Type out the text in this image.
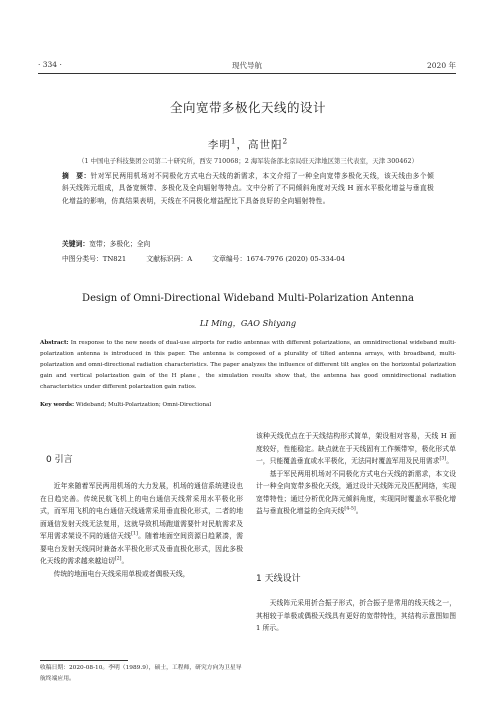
· 334 ·	现代导航	2020 年
全向宽带多极化天线的设计
李明$^1$，高世阳$^2$
（1 中国电子科技集团公司第二十研究所，西安 710068；2 海军装备部北京局驻天津地区第三代表室，天津 300462）
摘　要：针对军民两用机场对不同极化方式电台天线的新需求，本文介绍了一种全向宽带多极化天线，该天线由多个倾斜天线阵元组成，具备宽频带、多极化及全向辐射等特点。文中分析了不同倾斜角度对天线 H 面水平极化增益与垂直极化增益的影响，仿真结果表明，天线在不同极化增益配比下具备良好的全向辐射特性。
关键词：宽带；多极化；全向
中图分类号：TN821	文献标识码：A	文章编号：1674-7976 (2020) 05-334-04
Design of Omni-Directional Wideband Multi-Polarization Antenna
LI Ming，GAO Shiyang
Abstract: In response to the new needs of dual-use airports for radio antennas with different polarizations, an omnidirectional wideband multi-polarization antenna is introduced in this paper. The antenna is composed of a plurality of tilted antenna arrays, with broadband, multi-polarization and omni-directional radiation characteristics. The paper analyzes the influence of different tilt angles on the horizontal polarization gain and vertical polarization gain of the H plane，the simulation results show that, the antenna has good omnidirectional radiation characteristics under different polarization gain ratios.
Key words: Wideband; Multi-Polarization; Omni-Directional
0 引言

近年来随着军民两用机场的大力发展，机场的通信系统建设也在日趋完善。传统民航飞机上的电台通信天线常采用水平极化形式，而军用飞机的电台通信天线通常采用垂直极化形式，二者的地面通信发射天线无法复用，这就导致机场跑道需要针对民航需求及军用需求架设不同的通信天线[1]。随着地面空间资源日趋紧凑，需要电台发射天线同时兼备水平极化形式及垂直极化形式，因此多极化天线的需求越来越迫切[2]。

传统的地面电台天线采用单极或者偶极天线，

该种天线优点在于天线结构形式简单，架设相对容易，天线 H 面度较好，性能稳定。缺点就在于天线固有工作频带窄，极化形式单一，只能覆盖垂直或水平极化，无法同时覆盖军用及民用需求[3]。

基于军民两用机场对不同极化方式电台天线的新需求，本文设计一种全向宽带多极化天线，通过设计天线阵元及匹配网络，实现宽带特性；通过分析优化阵元倾斜角度，实现同时覆盖水平极化增益与垂直极化增益的全向天线[4-5]。

1 天线设计

天线阵元采用折合振子形式，折合振子是常用的线天线之一，其相较于单极或偶极天线具有更好的宽带特性，其结构示意图如图 1 所示。

收稿日期：2020-08-10。李明（1989.9），硕士，工程师，研究方向为卫星导航终端应用。
